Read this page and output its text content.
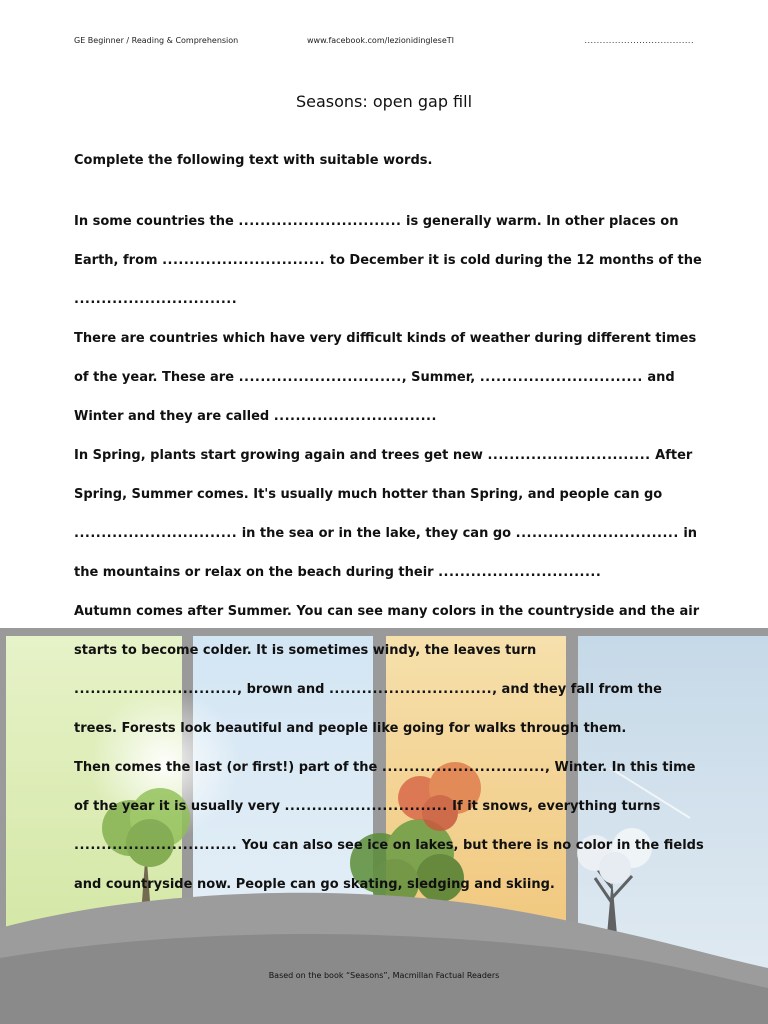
GE Beginner / Reading & Comprehension	www.facebook.com/lezionidingleseTI	....................................
Seasons: open gap fill
Complete the following text with suitable words.

In some countries the .............................. is generally warm. In other places on Earth, from .............................. to December it is cold during the 12 months of the ..............................

There are countries which have very difficult kinds of weather during different times of the year. These are .............................., Summer, .............................. and Winter and they are called ..............................

In Spring, plants start growing again and trees get new .............................. After Spring, Summer comes. It's usually much hotter than Spring, and people can go .............................. in the sea or in the lake, they can go .............................. in the mountains or relax on the beach during their ..............................

Autumn comes after Summer. You can see many colors in the countryside and the air starts to become colder. It is sometimes windy, the leaves turn .............................., brown and .............................., and they fall from the trees. Forests look beautiful and people like going for walks through them.

Then comes the last (or first!) part of the .............................., Winter. In this time of the year it is usually very .............................. If it snows, everything turns .............................. You can also see ice on lakes, but there is no color in the fields and countryside now. People can go skating, sledging and skiing.

Based on the book “Seasons”, Macmillan Factual Readers
